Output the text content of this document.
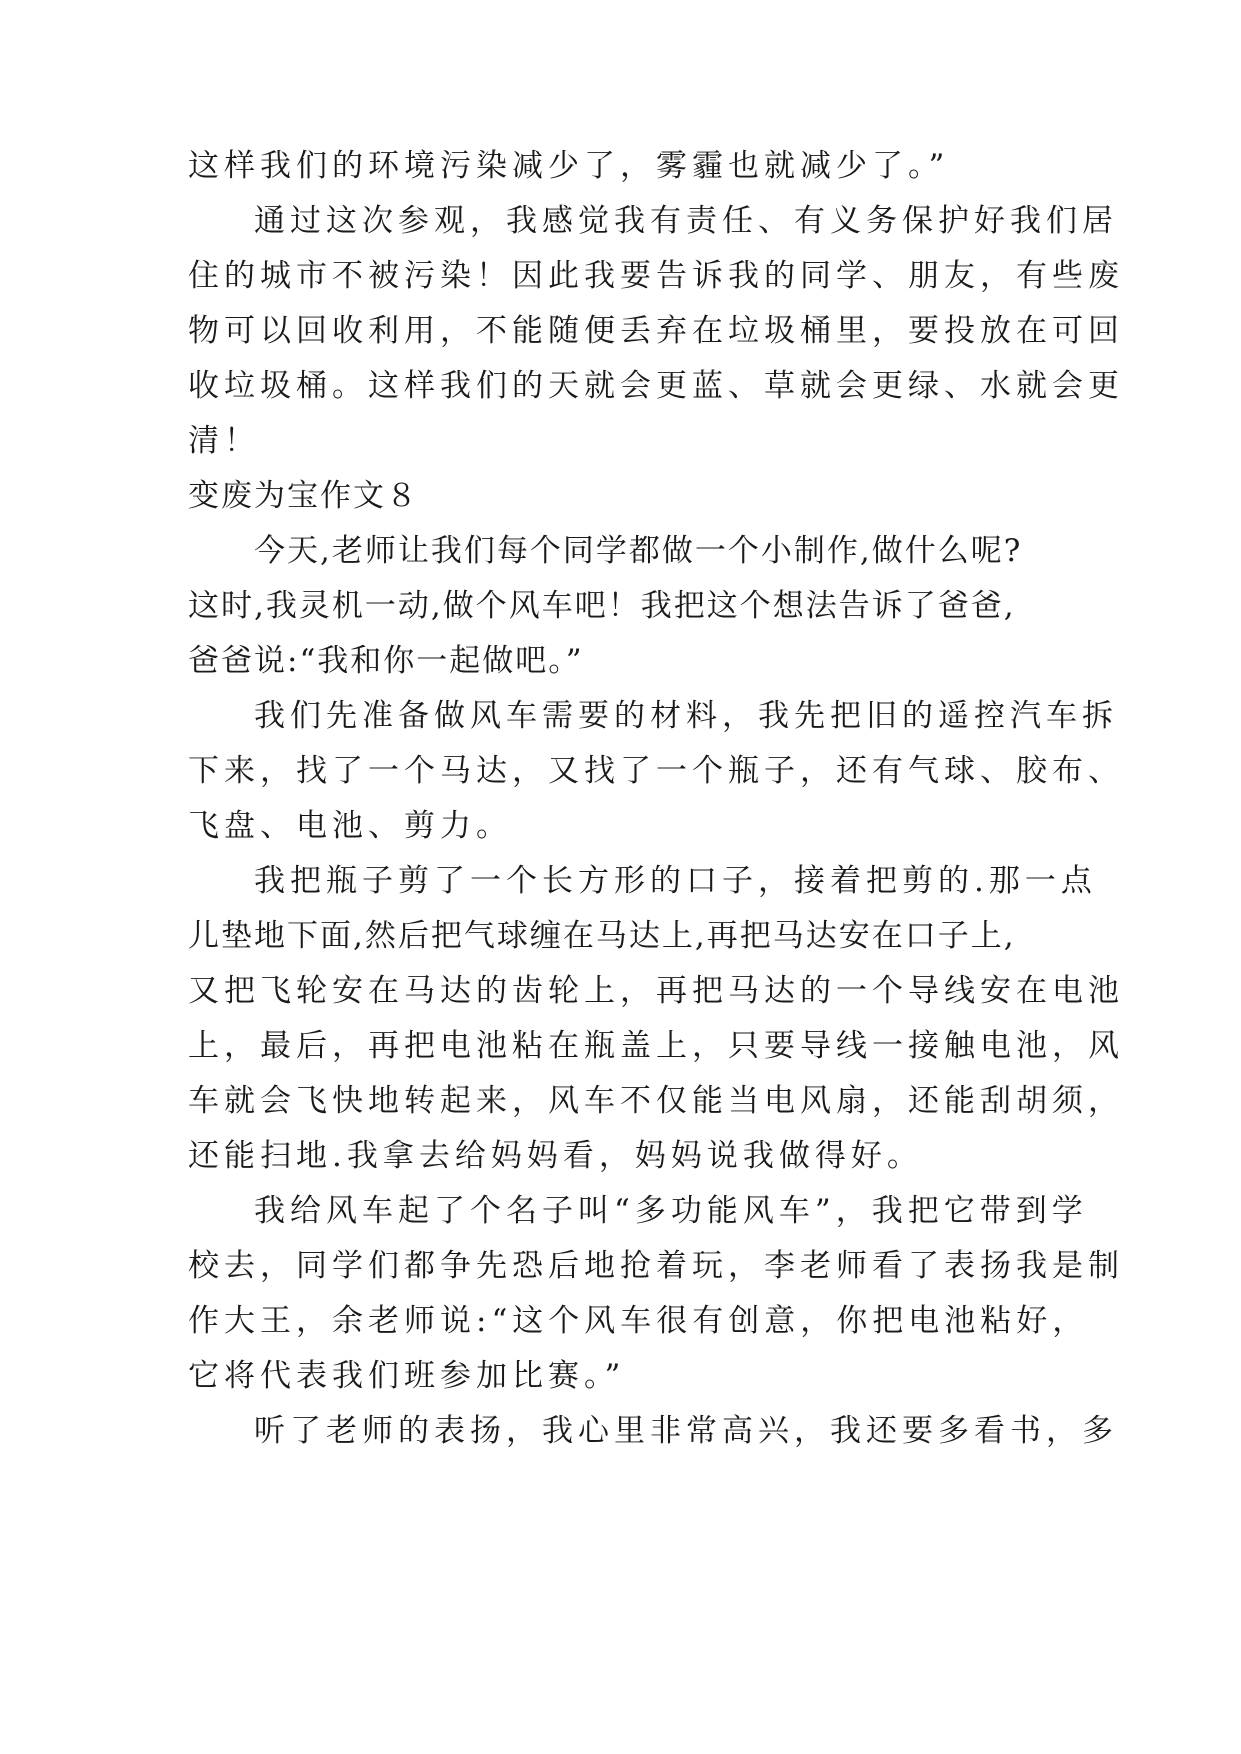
这样我们的环境污染减少了，雾霾也就减少了。”

通过这次参观，我感觉我有责任、有义务保护好我们居

住的城市不被污染！因此我要告诉我的同学、朋友，有些废

物可以回收利用，不能随便丢弃在垃圾桶里，要投放在可回

收垃圾桶。这样我们的天就会更蓝、草就会更绿、水就会更

清！

变废为宝作文８

今天,老师让我们每个同学都做一个小制作,做什么呢?

这时,我灵机一动,做个风车吧！我把这个想法告诉了爸爸,

爸爸说:“我和你一起做吧。”

我们先准备做风车需要的材料，我先把旧的遥控汽车拆

下来，找了一个马达，又找了一个瓶子，还有气球、胶布、

飞盘、电池、剪力。

我把瓶子剪了一个长方形的口子，接着把剪的.那一点

儿垫地下面,然后把气球缠在马达上,再把马达安在口子上,

又把飞轮安在马达的齿轮上，再把马达的一个导线安在电池

上，最后，再把电池粘在瓶盖上，只要导线一接触电池，风

车就会飞快地转起来，风车不仅能当电风扇，还能刮胡须，

还能扫地.我拿去给妈妈看，妈妈说我做得好。

我给风车起了个名子叫“多功能风车”，我把它带到学

校去，同学们都争先恐后地抢着玩，李老师看了表扬我是制

作大王，余老师说:“这个风车很有创意，你把电池粘好，

它将代表我们班参加比赛。”

听了老师的表扬，我心里非常高兴，我还要多看书，多
